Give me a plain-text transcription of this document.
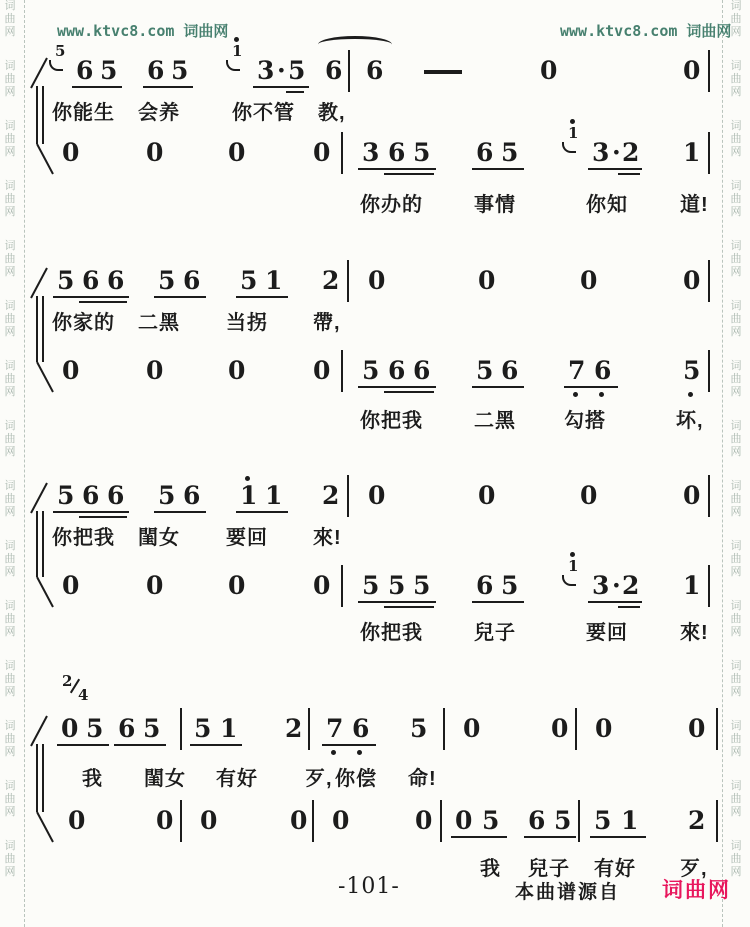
词
曲
网
词
曲
网
词
曲
网
词
曲
网
词
曲
网
词
曲
网
词
曲
网
词
曲
网
词
曲
网
词
曲
网
词
曲
网
词
曲
网
词
曲
网
词
曲
网
词
曲
网
词
曲
网
词
曲
网
词
曲
网
词
曲
网
词
曲
网
词
曲
网
词
曲
网
词
曲
网
词
曲
网
词
曲
网
词
曲
网
词
曲
网
词
曲
网
词
曲
网
词
曲
网
www.ktvc8.com 词曲网	www.ktvc8.com 词曲网
2
4
5
6 5 6 5
1
3 · 5 6 6	0	0
你能生 会养	你不管 教,
0	0	0	0 3 6 5 6 5
1
3 · 2 1
你办的	事情	你知	道!
5 6 6 5 6 5 1 2 0	0	0	0
你家的 二黑 当拐 帶,
0	0	0	0 5 6 6 5 6 7 6	5
你把我	二黑 勾搭	坏,
5 6 6 5 6 1 1 2 0	0	0	0
你把我 閨女 要回 來!
0	0	0	0 5 5 5 6 5
1
3 · 2 1
你把我	兒子	要回	來!
0 5 6 5 5 1 2 7 6 5 0	0 0	0
我 閨女 有好 歹, 你偿 命!
0	0 0	0 0	0 0 5 6 5 5 1 2
我 兒子 有好 歹,
-101-	本曲谱源自 词曲网
